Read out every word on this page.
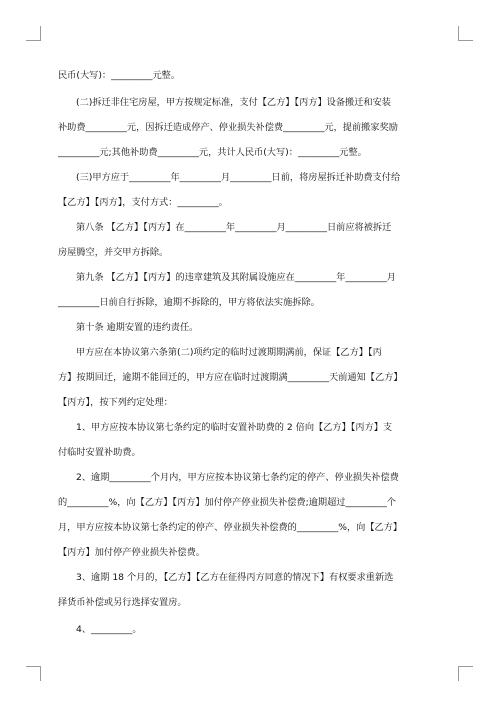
民币(大写)：_________元整。
(二)拆迁非住宅房屋，甲方按规定标准，支付【乙方】【丙方】设备搬迁和安装
补助费_________元，因拆迁造成停产、停业损失补偿费_________元，提前搬家奖励
_________元;其他补助费_________元，共计人民币(大写)：_________元整。
(三)甲方应于_________年_________月_________日前，将房屋拆迁补助费支付给
【乙方】【丙方】，支付方式：_________。
第八条 【乙方】【丙方】在_________年_________月_________日前应将被拆迁
房屋腾空，并交甲方拆除。
第九条 【乙方】【丙方】的违章建筑及其附属设施应在_________年_________月
_________日前自行拆除，逾期不拆除的，甲方将依法实施拆除。
第十条 逾期安置的违约责任。
甲方应在本协议第六条第(二)项约定的临时过渡期期满前，保证【乙方】【丙
方】按期回迁，逾期不能回迁的，甲方应在临时过渡期满_________天前通知【乙方】
【丙方】，按下列约定处理：
1、甲方应按本协议第七条约定的临时安置补助费的 2 倍向【乙方】【丙方】支
付临时安置补助费。
2、逾期_________个月内，甲方应按本协议第七条约定的停产、停业损失补偿费
的_________%，向【乙方】【丙方】加付停产停业损失补偿费;逾期超过_________个
月，甲方应按本协议第七条约定的停产、停业损失补偿费的_________%，向【乙方】
【丙方】加付停产停业损失补偿费。
3、逾期 18 个月的，【乙方】【乙方在征得丙方同意的情况下】有权要求重新选
择货币补偿或另行选择安置房。
4、_________。
